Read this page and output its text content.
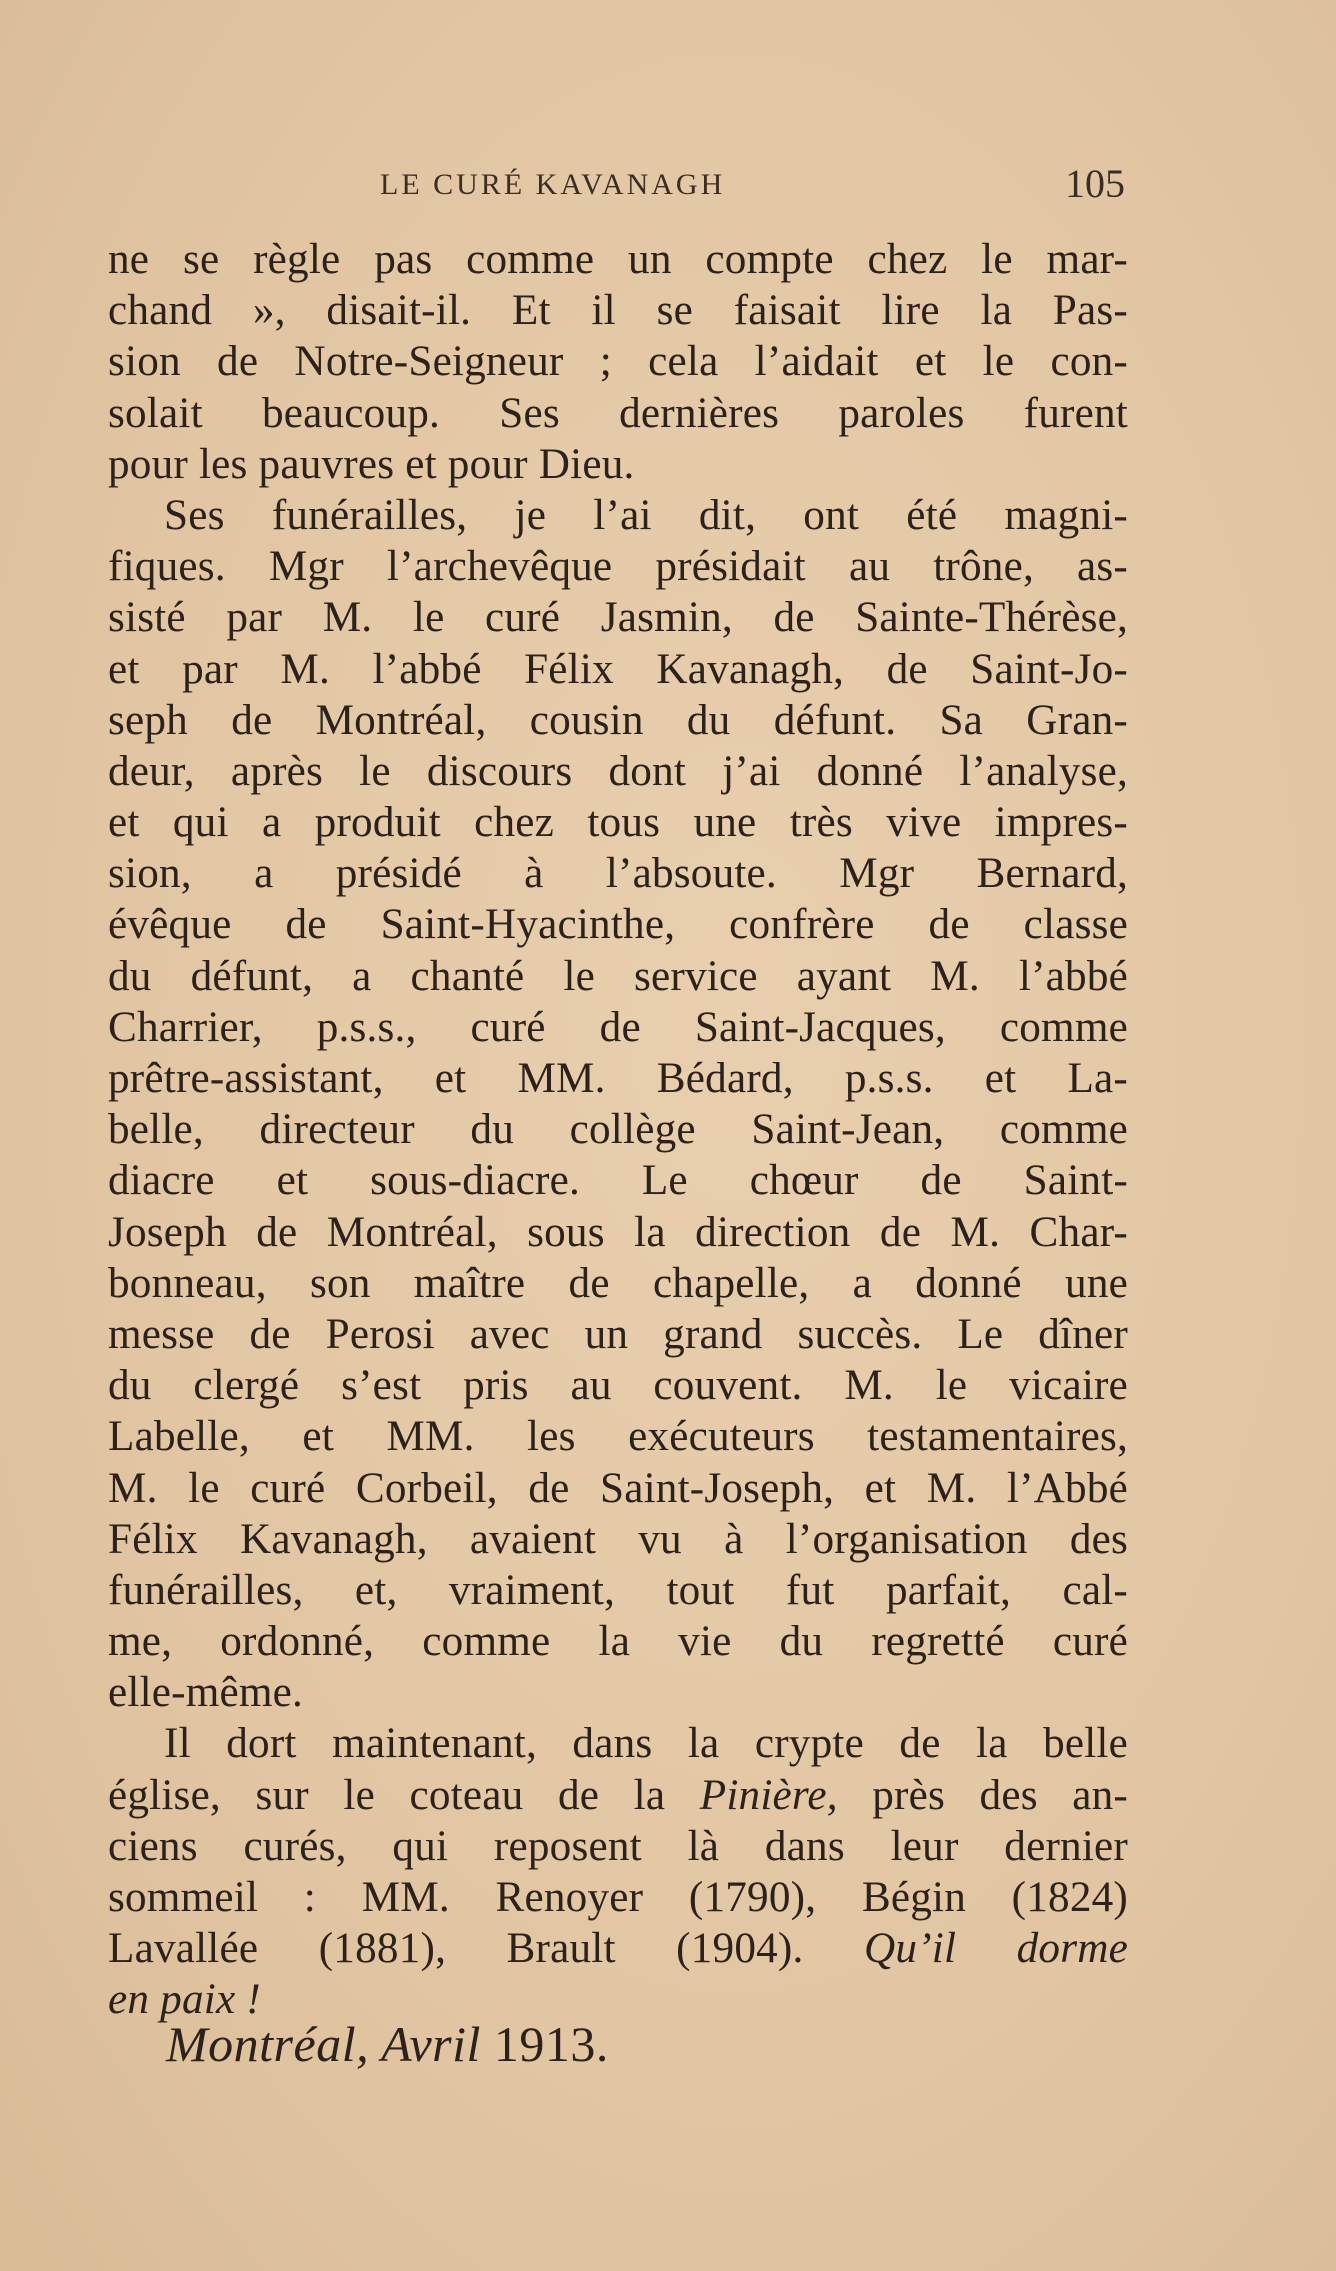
LE CURÉ KAVANAGH	105
ne se règle pas comme un compte chez le mar-
chand », disait-il. Et il se faisait lire la Pas-
sion de Notre-Seigneur ; cela l’aidait et le con-
solait beaucoup. Ses dernières paroles furent
pour les pauvres et pour Dieu.
Ses funérailles, je l’ai dit, ont été magni-
fiques. Mgr l’archevêque présidait au trône, as-
sisté par M. le curé Jasmin, de Sainte-Thérèse,
et par M. l’abbé Félix Kavanagh, de Saint-Jo-
seph de Montréal, cousin du défunt. Sa Gran-
deur, après le discours dont j’ai donné l’analyse,
et qui a produit chez tous une très vive impres-
sion, a présidé à l’absoute. Mgr Bernard,
évêque de Saint-Hyacinthe, confrère de classe
du défunt, a chanté le service ayant M. l’abbé
Charrier, p.s.s., curé de Saint-Jacques, comme
prêtre-assistant, et MM. Bédard, p.s.s. et La-
belle, directeur du collège Saint-Jean, comme
diacre et sous-diacre. Le chœur de Saint-
Joseph de Montréal, sous la direction de M. Char-
bonneau, son maître de chapelle, a donné une
messe de Perosi avec un grand succès. Le dîner
du clergé s’est pris au couvent. M. le vicaire
Labelle, et MM. les exécuteurs testamentaires,
M. le curé Corbeil, de Saint-Joseph, et M. l’Abbé
Félix Kavanagh, avaient vu à l’organisation des
funérailles, et, vraiment, tout fut parfait, cal-
me, ordonné, comme la vie du regretté curé
elle-même.
Il dort maintenant, dans la crypte de la belle
église, sur le coteau de la Pinière, près des an-
ciens curés, qui reposent là dans leur dernier
sommeil : MM. Renoyer (1790), Bégin (1824)
Lavallée (1881), Brault (1904). Qu’il dorme
en paix !
Montréal, Avril 1913.
